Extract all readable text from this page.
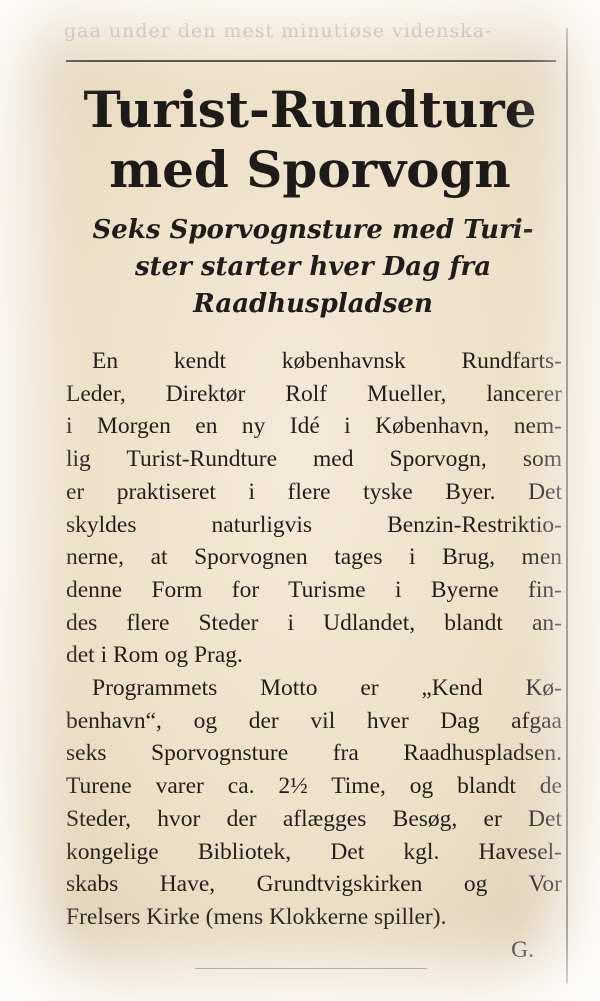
gaa under den mest minutiøse videnska-
Turist-Rundture
med Sporvogn
Seks Sporvognsture med Turi-
ster starter hver Dag fra
Raadhuspladsen
En kendt københavnsk Rundfarts-
Leder, Direktør Rolf Mueller, lancerer
i Morgen en ny Idé i København, nem-
lig Turist-Rundture med Sporvogn, som
er praktiseret i flere tyske Byer. Det
skyldes naturligvis Benzin-Restriktio-
nerne, at Sporvognen tages i Brug, men
denne Form for Turisme i Byerne fin-
des flere Steder i Udlandet, blandt an-
det i Rom og Prag.
Programmets Motto er „Kend Kø-
benhavn“, og der vil hver Dag afgaa
seks Sporvognsture fra Raadhuspladsen.
Turene varer ca. 2½ Time, og blandt de
Steder, hvor der aflægges Besøg, er Det
kongelige Bibliotek, Det kgl. Havesel-
skabs Have, Grundtvigskirken og Vor
Frelsers Kirke (mens Klokkerne spiller).
G.
